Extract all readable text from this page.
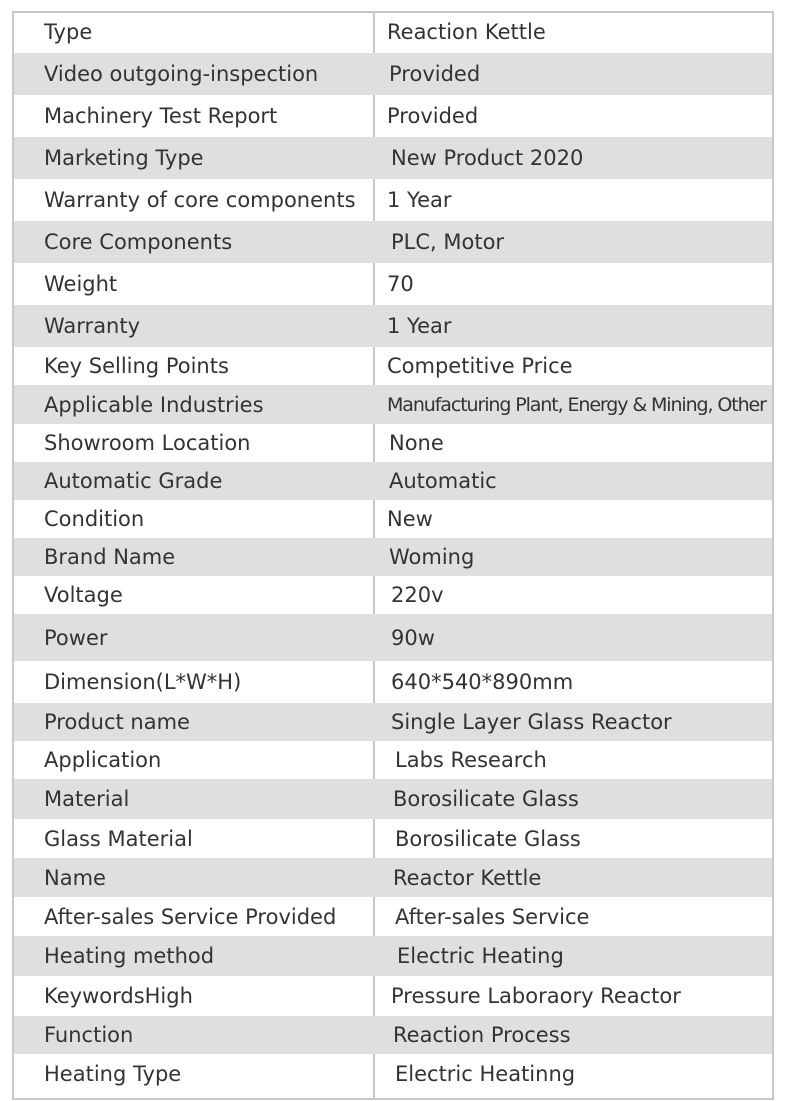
Type	Reaction Kettle
Video outgoing-inspection	Provided
Machinery Test Report	Provided
Marketing Type	New Product 2020
Warranty of core components 1 Year
Core Components	PLC, Motor
Weight	70
Warranty	1 Year
Key Selling Points	Competitive Price
Applicable Industries	Manufacturing Plant, Energy & Mining, Other
Showroom Location	None
Automatic Grade	Automatic
Condition	New
Brand Name	Woming
Voltage	220v
Power	90w
Dimension(L*W*H)	640*540*890mm
Product name	Single Layer Glass Reactor
Application	Labs Research
Material	Borosilicate Glass
Glass Material	Borosilicate Glass
Name	Reactor Kettle
After-sales Service Provided	After-sales Service
Heating method	Electric Heating
KeywordsHigh	Pressure Laboraory Reactor
Function	Reaction Process
Heating Type	Electric Heatinng
